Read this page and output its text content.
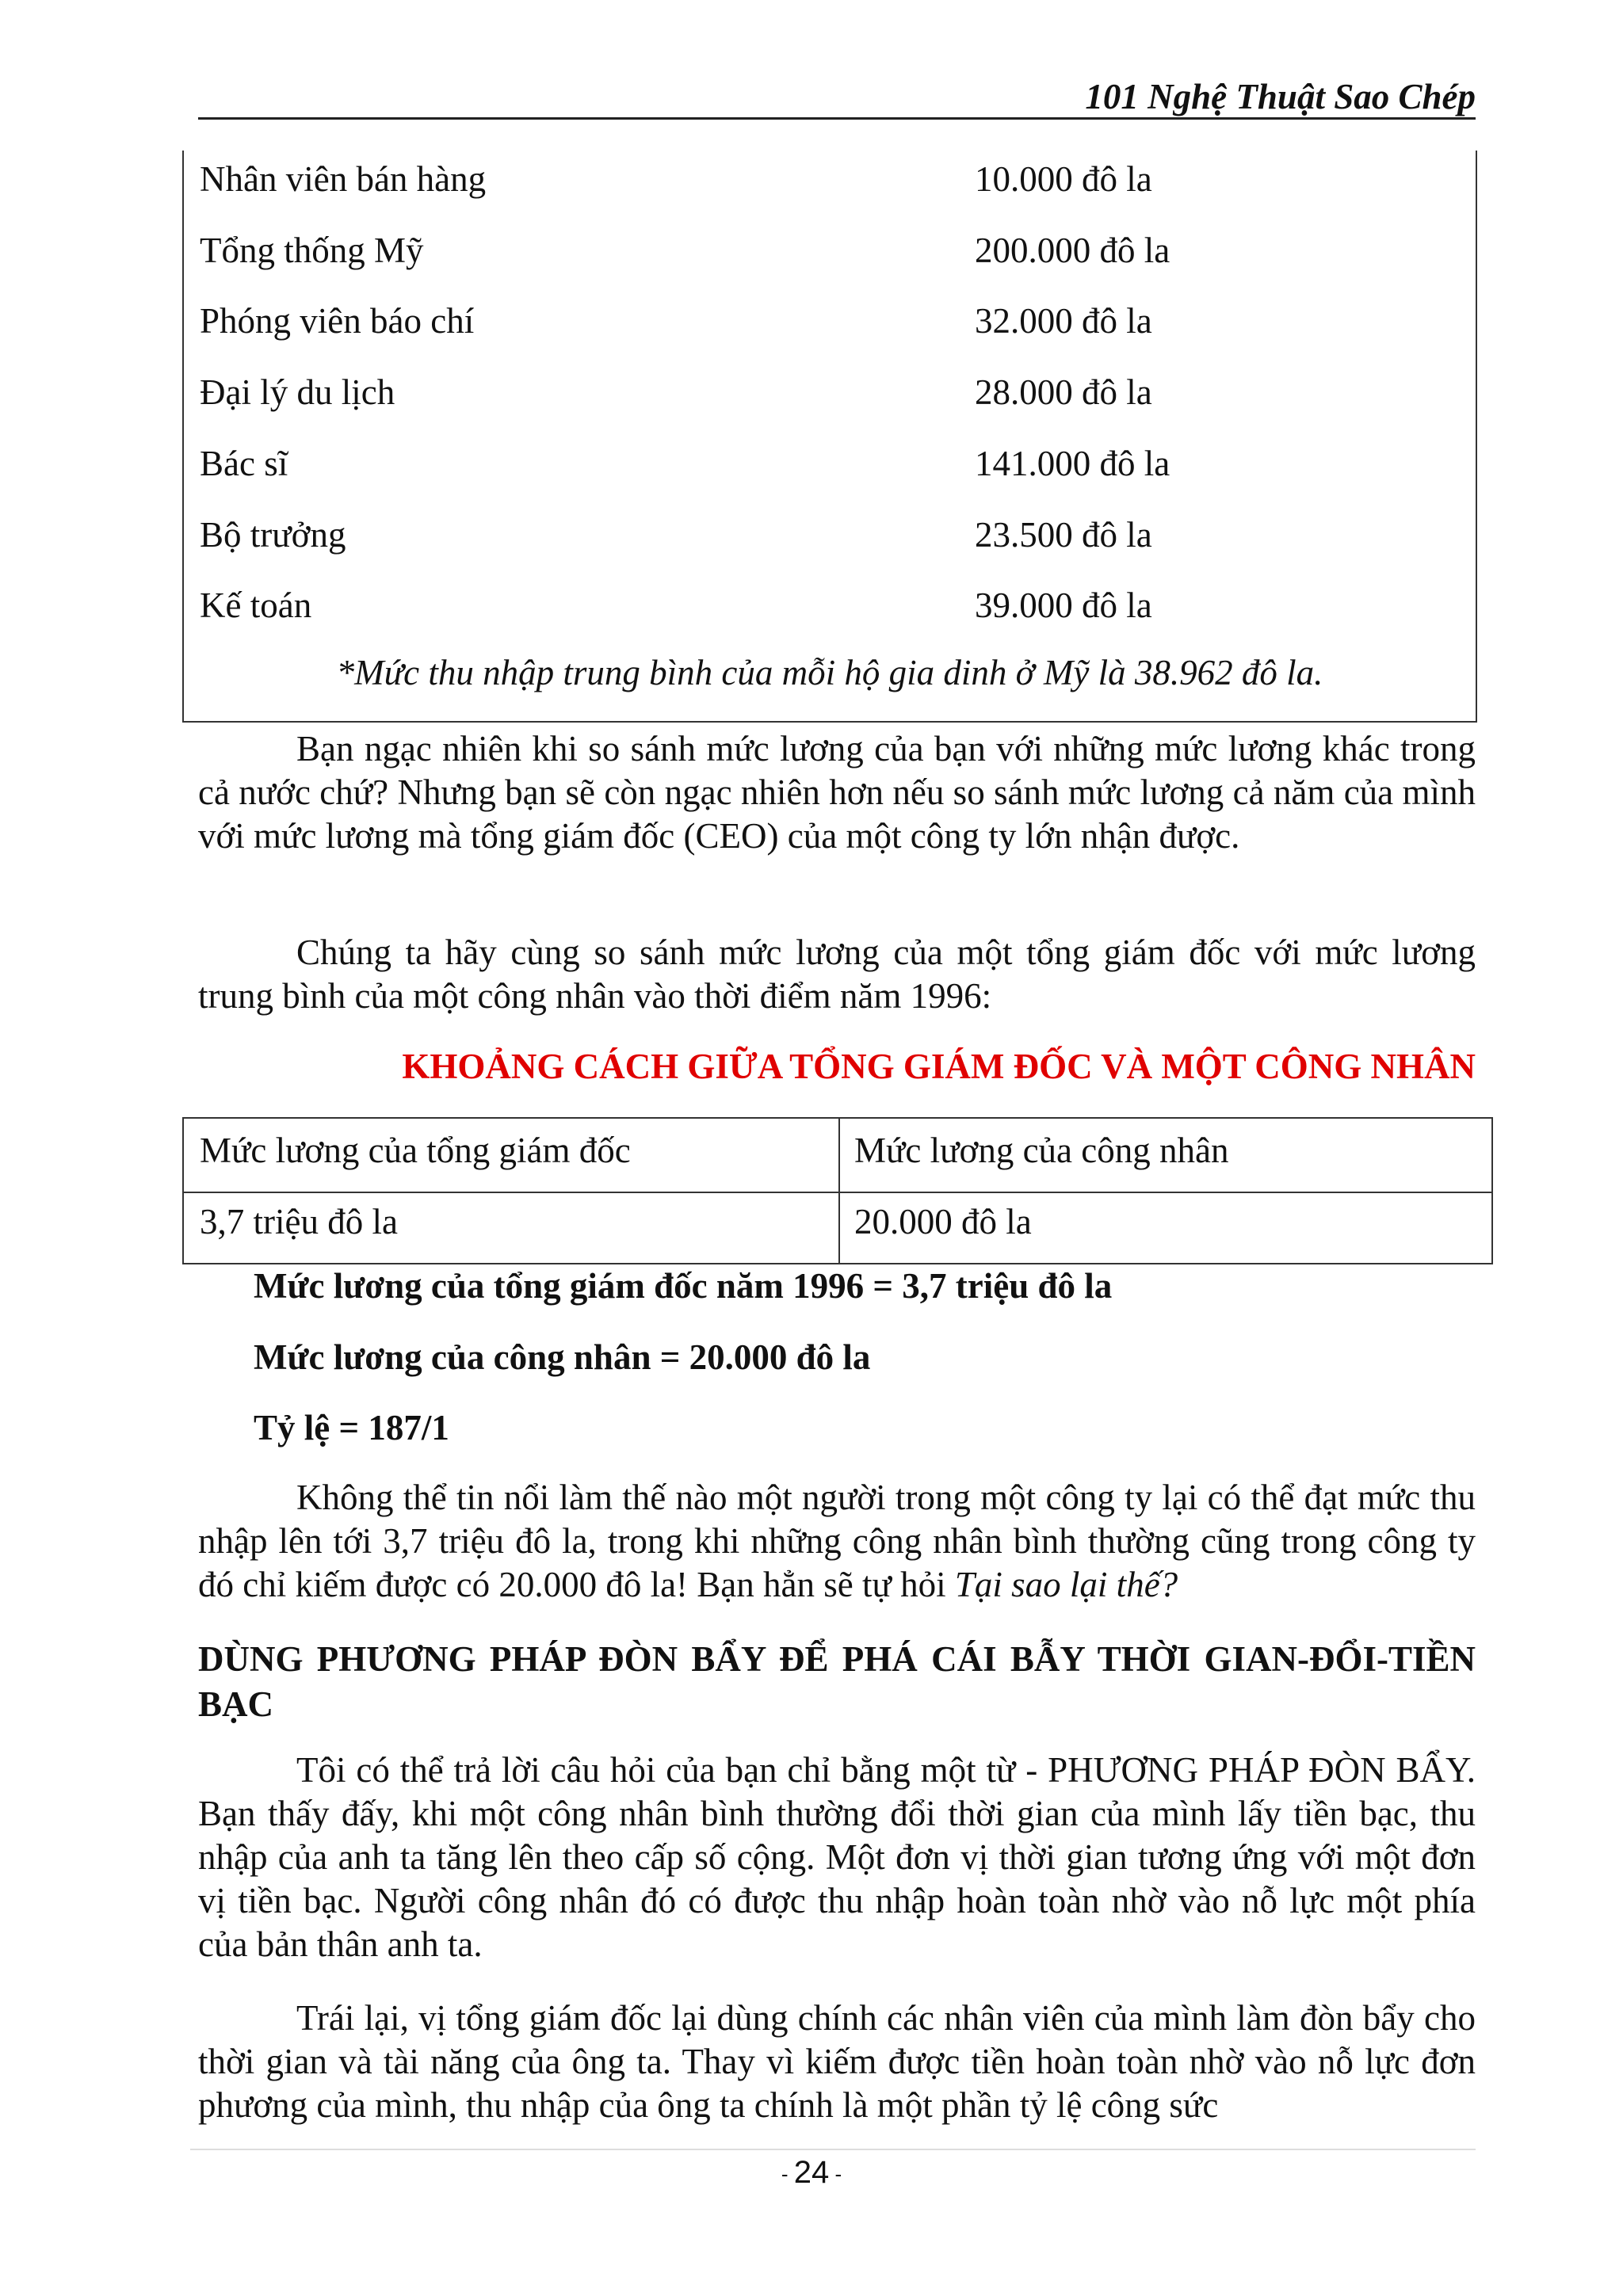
101 Nghệ Thuật Sao Chép
Nhân viên bán hàng	10.000 đô la
Tổng thống Mỹ	200.000 đô la
Phóng viên báo chí	32.000 đô la
Đại lý du lịch	28.000 đô la
Bác sĩ	141.000 đô la
Bộ trưởng	23.500 đô la
Kế toán	39.000 đô la
*Mức thu nhập trung bình của mỗi hộ gia dinh ở Mỹ là 38.962 đô la.

Bạn ngạc nhiên khi so sánh mức lương của bạn với những mức lương khác trong cả nước chứ? Nhưng bạn sẽ còn ngạc nhiên hơn nếu so sánh mức lương cả năm của mình với mức lương mà tổng giám đốc (CEO) của một công ty lớn nhận được.

Chúng ta hãy cùng so sánh mức lương của một tổng giám đốc với mức lương trung bình của một công nhân vào thời điểm năm 1996:

KHOẢNG CÁCH GIỮA TỔNG GIÁM ĐỐC VÀ MỘT CÔNG NHÂN
Mức lương của tổng giám đốc	Mức lương của công nhân
3,7 triệu đô la	20.000 đô la
Mức lương của tổng giám đốc năm 1996 = 3,7 triệu đô la
Mức lương của công nhân = 20.000 đô la
Tỷ lệ = 187/1

Không thể tin nổi làm thế nào một người trong một công ty lại có thể đạt mức thu nhập lên tới 3,7 triệu đô la, trong khi những công nhân bình thường cũng trong công ty đó chỉ kiếm được có 20.000 đô la! Bạn hẳn sẽ tự hỏi Tại sao lại thế?

DÙNG PHƯƠNG PHÁP ĐÒN BẨY ĐỂ PHÁ CÁI BẪY THỜI GIAN-ĐỔI-TIỀN BẠC

Tôi có thể trả lời câu hỏi của bạn chỉ bằng một từ - PHƯƠNG PHÁP ĐÒN BẨY. Bạn thấy đấy, khi một công nhân bình thường đổi thời gian của mình lấy tiền bạc, thu nhập của anh ta tăng lên theo cấp số cộng. Một đơn vị thời gian tương ứng với một đơn vị tiền bạc. Người công nhân đó có được thu nhập hoàn toàn nhờ vào nỗ lực một phía của bản thân anh ta.

Trái lại, vị tổng giám đốc lại dùng chính các nhân viên của mình làm đòn bẩy cho thời gian và tài năng của ông ta. Thay vì kiếm được tiền hoàn toàn nhờ vào nỗ lực đơn phương của mình, thu nhập của ông ta chính là một phần tỷ lệ công sức

- 24 -
